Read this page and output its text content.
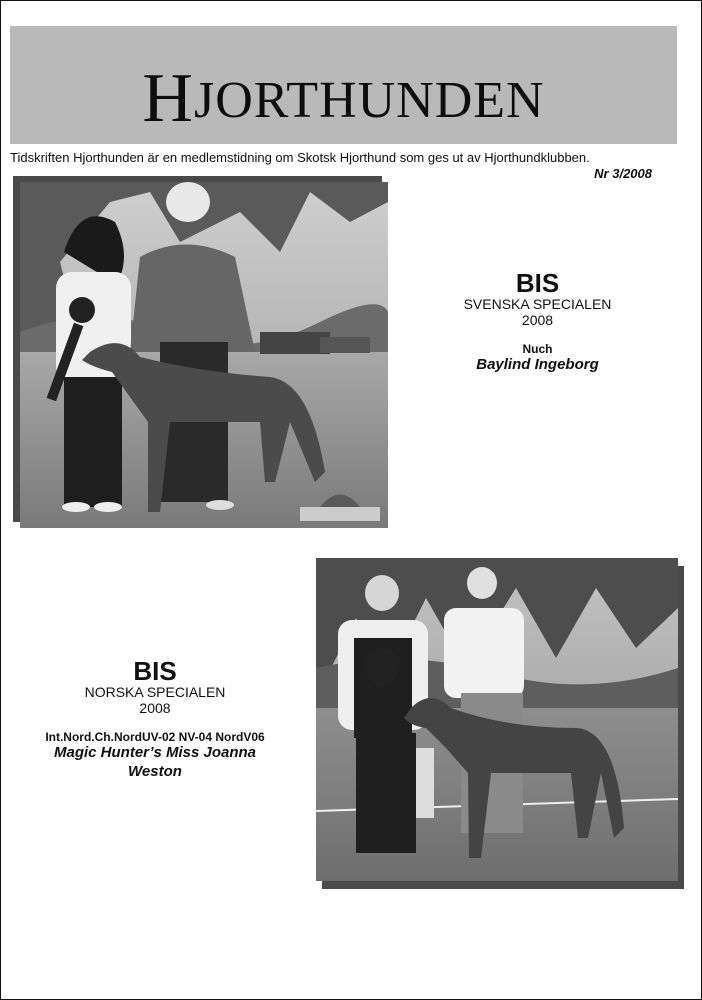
HJORTHUNDEN
Tidskriften Hjorthunden är en medlemstidning om Skotsk Hjorthund som ges ut av Hjorthundklubben.
Nr 3/2008
BIS
SVENSKA SPECIALEN
2008
Nuch
Baylind Ingeborg
BIS
NORSKA SPECIALEN
2008
Int.Nord.Ch.NordUV-02 NV-04 NordV06
Magic Hunter’s Miss Joanna
Weston
